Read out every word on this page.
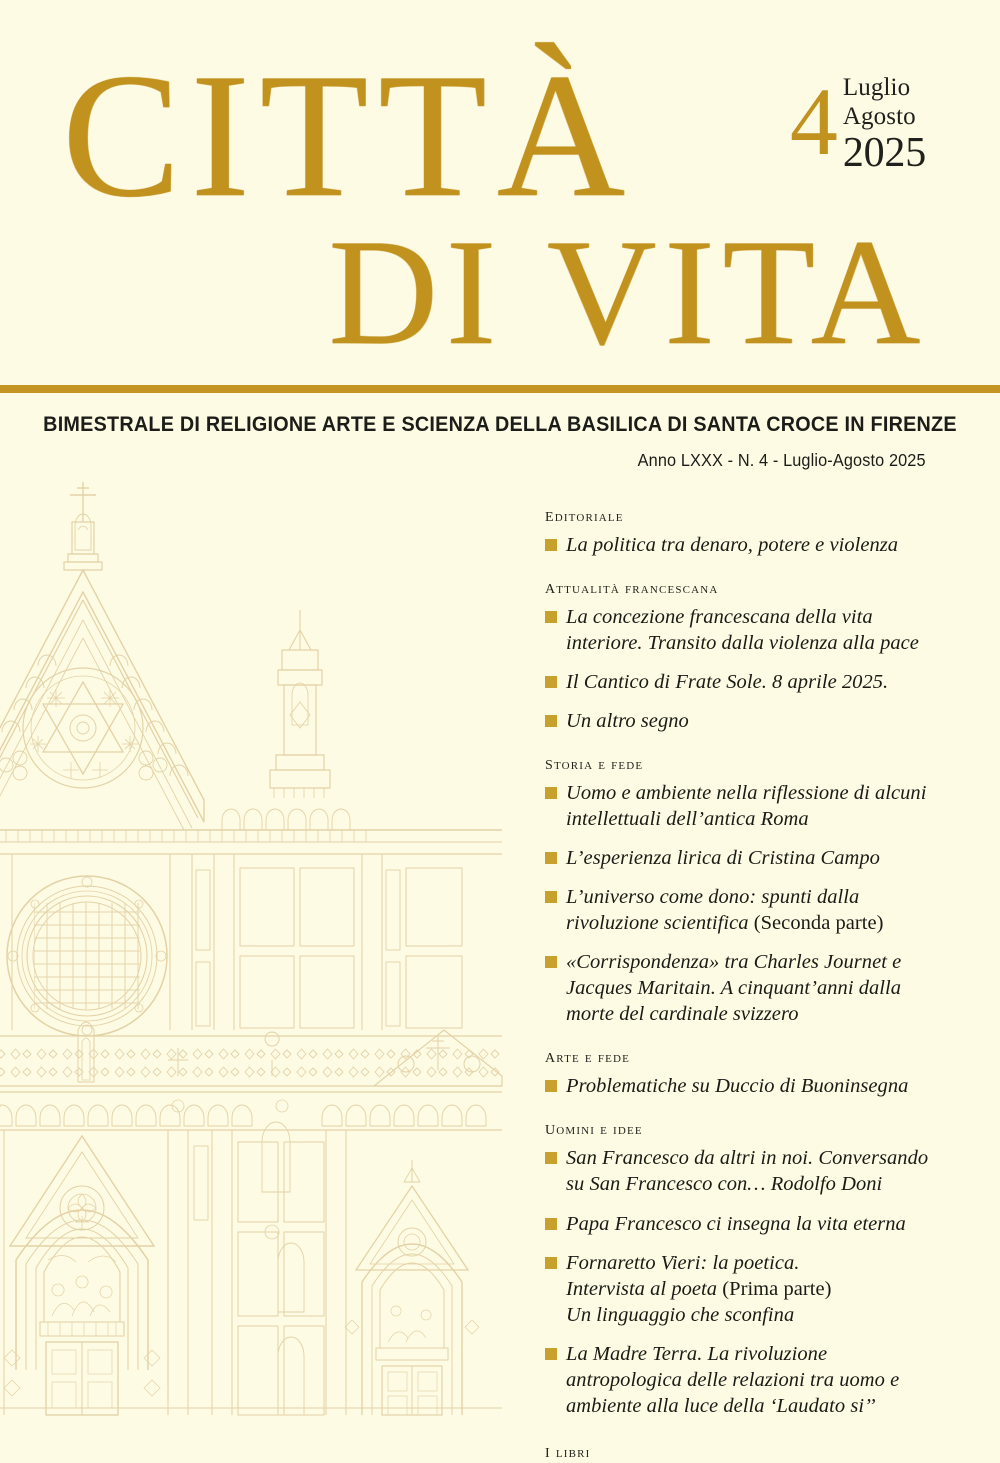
CITTÀ
DI VITA
4 Luglio
Agosto
2025
BIMESTRALE DI RELIGIONE ARTE E SCIENZA DELLA BASILICA DI SANTA CROCE IN FIRENZE
Anno LXXX - N. 4 - Luglio-Agosto 2025
editoriale
La politica tra denaro, potere e violenza
attualità francescana
La concezione francescana della vita interiore. Transito dalla violenza alla pace
Il Cantico di Frate Sole. 8 aprile 2025.
Un altro segno
storia e fede
Uomo e ambiente nella riflessione di alcuni intellettuali dell’antica Roma
L’esperienza lirica di Cristina Campo
L’universo come dono: spunti dalla rivoluzione scientifica (Seconda parte)
«Corrispondenza» tra Charles Journet e Jacques Maritain. A cinquant’anni dalla morte del cardinale svizzero
arte e fede
Problematiche su Duccio di Buoninsegna
uomini e idee
San Francesco da altri in noi. Conversando su San Francesco con… Rodolfo Doni
Papa Francesco ci insegna la vita eterna
Fornaretto Vieri: la poetica.
Intervista al poeta (Prima parte)
Un linguaggio che sconfina
La Madre Terra. La rivoluzione antropologica delle relazioni tra uomo e ambiente alla luce della ‘Laudato si’’
i libri
